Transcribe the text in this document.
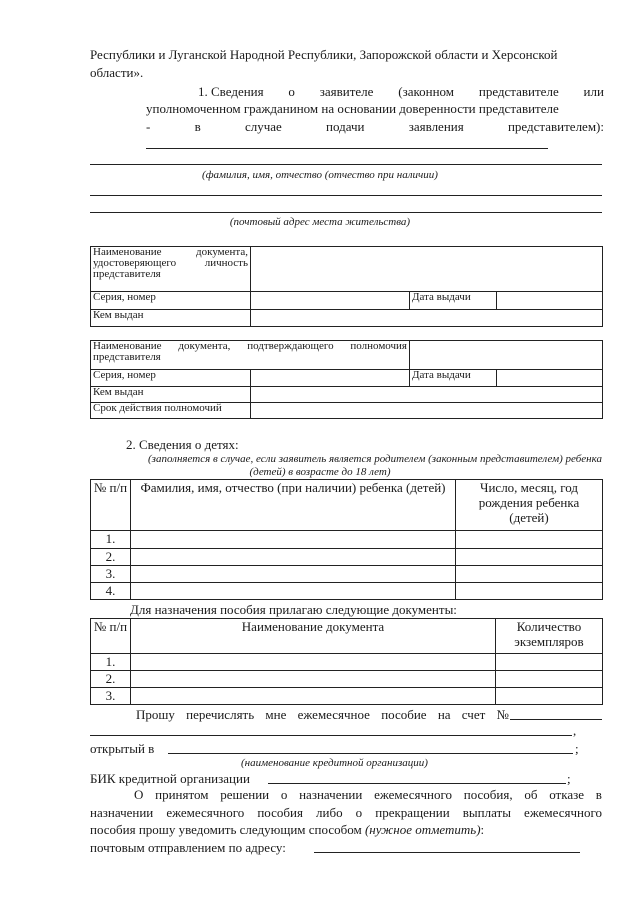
Республики и Луганской Народной Республики, Запорожской области и Херсонской
области».
1. Сведения о заявителе (законном представителе или
уполномоченном гражданином на основании доверенности представителе
-	в	случае	подачи	заявления	представителем):
(фамилия, имя, отчество (отчество при наличии)
(почтовый адрес места жительства)
Наименование документа, удостоверяющего личность представителя			
Серия, номер		Дата выдачи	
Кем выдан			
Наименование документа, подтверждающего полномочия представителя			
Серия, номер		Дата выдачи	
Кем выдан			
Срок действия полномочий			
2. Сведения о детях:
(заполняется в случае, если заявитель является родителем (законным представителем) ребенка
(детей) в возрасте до 18 лет)
№ п/п	Фамилия, имя, отчество (при наличии) ребенка (детей)	Число, месяц, год рождения ребенка (детей)
1.		
2.		
3.		
4.		
Для назначения пособия прилагаю следующие документы:
№ п/п	Наименование документа	Количество экземпляров
1.		
2.		
3.		
Прошу перечислять мне ежемесячное пособие на счет №
,
открытый в	;
(наименование кредитной организации)
БИК кредитной организации	;
О принятом решении о назначении ежемесячного пособия, об отказе в
назначении ежемесячного пособия либо о прекращении выплаты ежемесячного
пособия прошу уведомить следующим способом (нужное отметить):
почтовым отправлением по адресу:
